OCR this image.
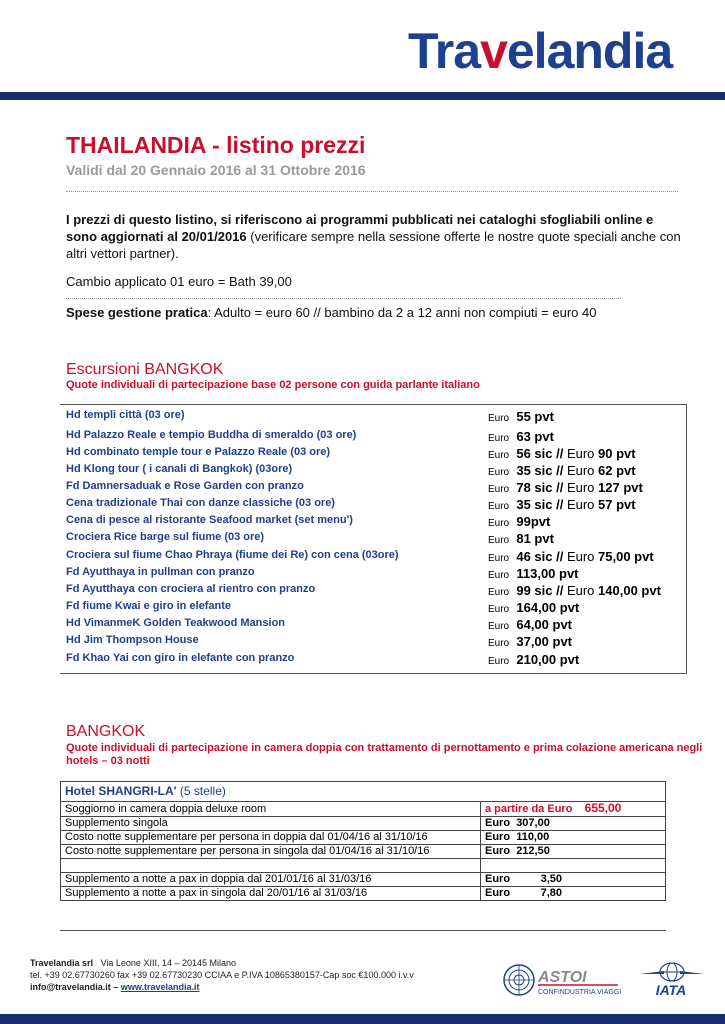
Travelandia
THAILANDIA - listino prezzi
Validi dal 20 Gennaio 2016 al 31 Ottobre 2016
I prezzi di questo listino, si riferiscono ai programmi pubblicati nei cataloghi sfogliabili online e sono aggiornati al 20/01/2016 (verificare sempre nella sessione offerte le nostre quote speciali anche con altri vettori partner).
Cambio applicato 01 euro = Bath 39,00
Spese gestione pratica: Adulto = euro 60 // bambino da 2 a 12 anni non compiuti = euro 40
Escursioni BANGKOK
Quote individuali di partecipazione base 02 persone con guida parlante italiano
Hd templi città (03 ore)	Euro 55 pvt
Hd Palazzo Reale e tempio Buddha di smeraldo (03 ore)	Euro 63 pvt
Hd combinato temple tour e Palazzo Reale (03 ore)	Euro 56 sic // Euro 90 pvt
Hd Klong tour ( i canali di Bangkok) (03ore)	Euro 35 sic // Euro 62 pvt
Fd Damnersaduak e Rose Garden con pranzo	Euro 78 sic // Euro 127 pvt
Cena tradizionale Thai con danze classiche (03 ore)	Euro 35 sic // Euro 57 pvt
Cena di pesce al ristorante Seafood market (set menu')	Euro 99pvt
Crociera Rice barge sul fiume (03 ore)	Euro 81 pvt
Crociera sul fiume Chao Phraya (fiume dei Re) con cena (03ore)	Euro 46 sic // Euro 75,00 pvt
Fd Ayutthaya in pullman con pranzo	Euro 113,00 pvt
Fd Ayutthaya con crociera al rientro con pranzo	Euro 99 sic // Euro 140,00 pvt
Fd fiume Kwai e giro in elefante	Euro 164,00 pvt
Hd VimanmeK Golden Teakwood Mansion	Euro 64,00 pvt
Hd Jim Thompson House	Euro 37,00 pvt
Fd Khao Yai con giro in elefante con pranzo	Euro 210,00 pvt
BANGKOK
Quote individuali di partecipazione in camera doppia con trattamento di pernottamento e prima colazione americana negli hotels – 03 notti
Hotel SHANGRI-LA' (5 stelle)	
Soggiorno in camera doppia deluxe room	a partire da Euro 655,00
Supplemento singola	Euro 307,00
Costo notte supplementare per persona in doppia dal 01/04/16 al 31/10/16	Euro 110,00
Costo notte supplementare per persona in singola dal 01/04/16 al 31/10/16	Euro 212,50

Supplemento a notte a pax in doppia dal 201/01/16 al 31/03/16	Euro 3,50
Supplemento a notte a pax in singola dal 20/01/16 al 31/03/16	Euro 7,80
Travelandia srl Via Leone XIII, 14 – 20145 Milano
tel. +39 02.67730260 fax +39 02.67730230 CCIAA e P.IVA 10865380157-Cap soc €100.000 i.v.v
info@travelandia.it – www.travelandia.it
ASTOI
CONFINDUSTRIA VIAGGI IATA
